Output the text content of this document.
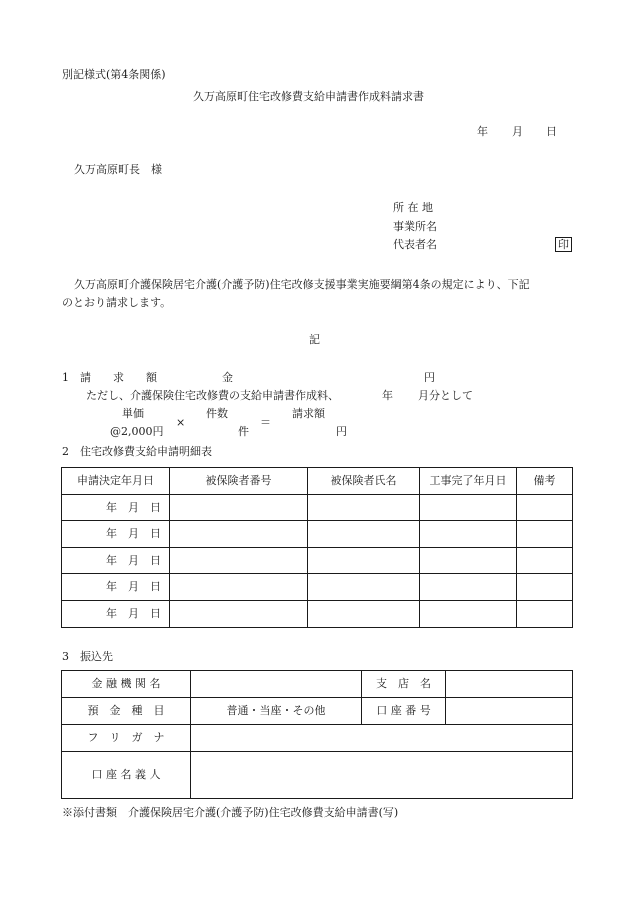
別記様式(第4条関係)
久万高原町住宅改修費支給申請書作成料請求書
年 月 日
久万高原町長　様
所 在 地
事業所名
代表者名	印
久万高原町介護保険居宅介護(介護予防)住宅改修支援事業実施要綱第4条の規定により、下記
のとおり請求します。
記
1 請　　求　　額	金	円
ただし、介護保険住宅改修費の支給申請書作成料、	年 月分として
単価	件数	請求額
×	＝
@2,000円	件	円
2 住宅改修費支給申請明細表
申請決定年月日	被保険者番号	被保険者氏名	工事完了年月日	備考
年　月　日	

年　月　日	

年　月　日	

年　月　日	

年　月　日	

3 振込先
金 融 機 関 名		支　店　名	
預　金　種　目	普通・当座・その他	口 座 番 号	
フ　リ　ガ　ナ			
口 座 名 義 人			
※添付書類　介護保険居宅介護(介護予防)住宅改修費支給申請書(写)
